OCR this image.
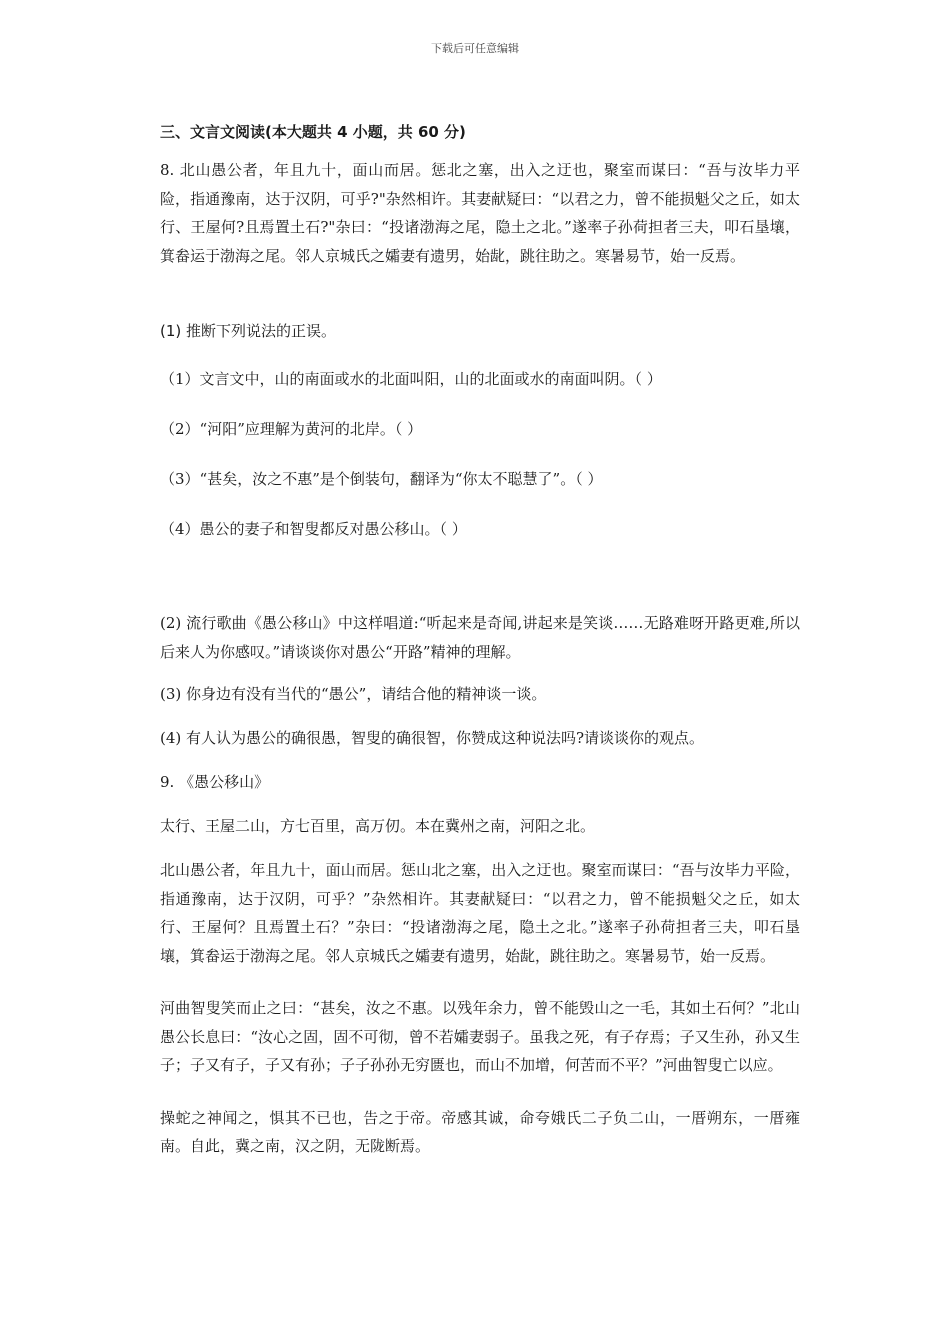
下载后可任意编辑
三、文言文阅读(本大题共 4 小题，共 60 分)

8. 北山愚公者，年且九十，面山而居。惩北之塞，出入之迂也，聚室而谋曰：“吾与汝毕力平险，指通豫南，达于汉阴，可乎?"杂然相许。其妻献疑曰：“以君之力，曾不能损魁父之丘，如太行、王屋何?且焉置土石?"杂曰：“投诸渤海之尾，隐土之北。”遂率子孙荷担者三夫，叩石垦壤，箕畚运于渤海之尾。邻人京城氏之孀妻有遗男，始龀，跳往助之。寒暑易节，始一反焉。

(1) 推断下列说法的正误。

（1）文言文中，山的南面或水的北面叫阳，山的北面或水的南面叫阴。（ ）

（2）“河阳”应理解为黄河的北岸。（ ）

（3）“甚矣，汝之不惠”是个倒装句，翻译为“你太不聪慧了”。（ ）

（4）愚公的妻子和智叟都反对愚公移山。（ ）

(2) 流行歌曲《愚公移山》中这样唱道:“听起来是奇闻,讲起来是笑谈……无路难呀开路更难,所以后来人为你感叹。”请谈谈你对愚公“开路”精神的理解。

(3) 你身边有没有当代的“愚公”，请结合他的精神谈一谈。

(4) 有人认为愚公的确很愚，智叟的确很智，你赞成这种说法吗?请谈谈你的观点。

9. 《愚公移山》

太行、王屋二山，方七百里，高万仞。本在冀州之南，河阳之北。

北山愚公者，年且九十，面山而居。惩山北之塞，出入之迂也。聚室而谋曰：“吾与汝毕力平险，指通豫南，达于汉阴，可乎？”杂然相许。其妻献疑曰：“以君之力，曾不能损魁父之丘，如太行、王屋何？且焉置土石？”杂曰：“投诸渤海之尾，隐土之北。”遂率子孙荷担者三夫，叩石垦壤，箕畚运于渤海之尾。邻人京城氏之孀妻有遗男，始龀，跳往助之。寒暑易节，始一反焉。

河曲智叟笑而止之曰：“甚矣，汝之不惠。以残年余力，曾不能毁山之一毛，其如土石何？”北山愚公长息曰：“汝心之固，固不可彻，曾不若孀妻弱子。虽我之死，有子存焉；子又生孙，孙又生子；子又有子，子又有孙；子子孙孙无穷匮也，而山不加增，何苦而不平？”河曲智叟亡以应。

操蛇之神闻之，惧其不已也，告之于帝。帝感其诚，命夸娥氏二子负二山，一厝朔东，一厝雍南。自此，冀之南，汉之阴，无陇断焉。
